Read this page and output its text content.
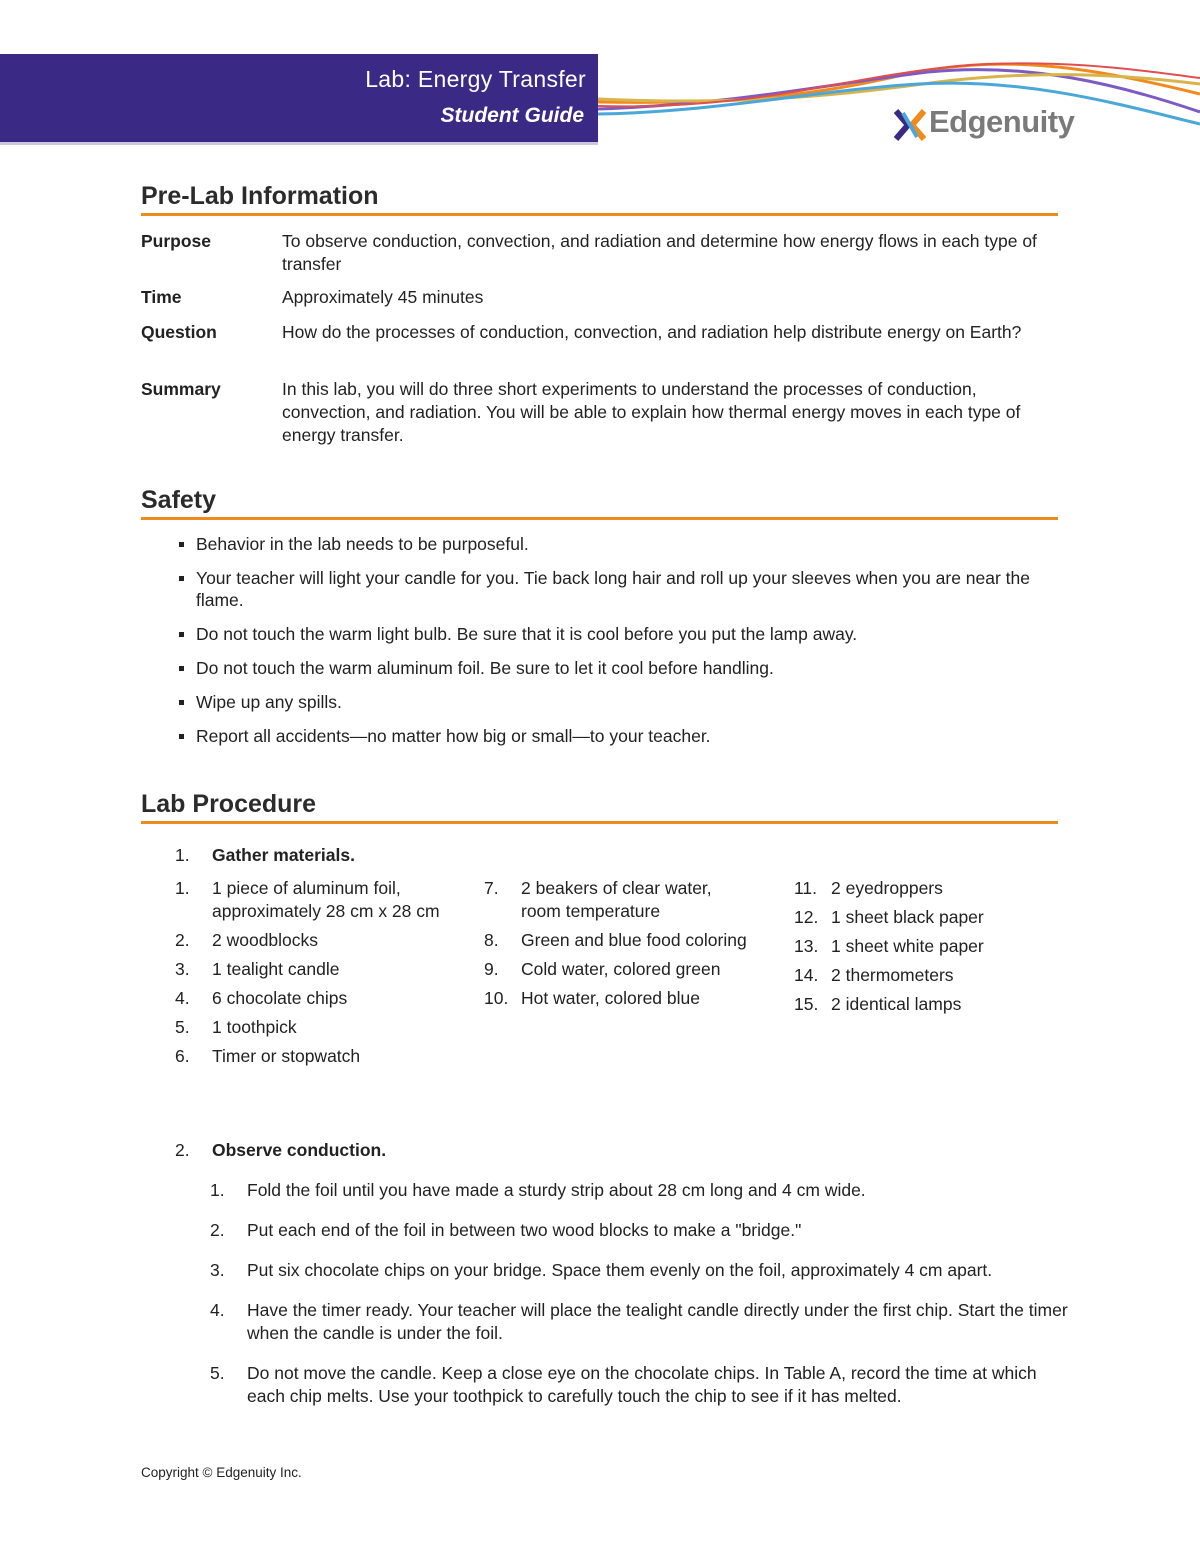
Lab: Energy Transfer
Student Guide	Edgenuity
Pre-Lab Information
Purpose	To observe conduction, convection, and radiation and determine how energy flows in each type of transfer
Time	Approximately 45 minutes
Question	How do the processes of conduction, convection, and radiation help distribute energy on Earth?
Summary	In this lab, you will do three short experiments to understand the processes of conduction, convection, and radiation. You will be able to explain how thermal energy moves in each type of energy transfer.
Safety
Behavior in the lab needs to be purposeful.
Your teacher will light your candle for you. Tie back long hair and roll up your sleeves when you are near the flame.
Do not touch the warm light bulb. Be sure that it is cool before you put the lamp away.
Do not touch the warm aluminum foil. Be sure to let it cool before handling.
Wipe up any spills.
Report all accidents—no matter how big or small—to your teacher.
Lab Procedure
1. Gather materials.
1. 1 piece of aluminum foil, approximately 28 cm x 28 cm
2. 2 woodblocks
3. 1 tealight candle
4. 6 chocolate chips
5. 1 toothpick
6. Timer or stopwatch
7. 2 beakers of clear water, room temperature
8. Green and blue food coloring
9. Cold water, colored green
10. Hot water, colored blue
11. 2 eyedroppers
12. 1 sheet black paper
13. 1 sheet white paper
14. 2 thermometers
15. 2 identical lamps
2. Observe conduction.
1. Fold the foil until you have made a sturdy strip about 28 cm long and 4 cm wide.
2. Put each end of the foil in between two wood blocks to make a "bridge."
3. Put six chocolate chips on your bridge. Space them evenly on the foil, approximately 4 cm apart.
4. Have the timer ready. Your teacher will place the tealight candle directly under the first chip. Start the timer when the candle is under the foil.
5. Do not move the candle. Keep a close eye on the chocolate chips. In Table A, record the time at which each chip melts. Use your toothpick to carefully touch the chip to see if it has melted.
Copyright © Edgenuity Inc.
